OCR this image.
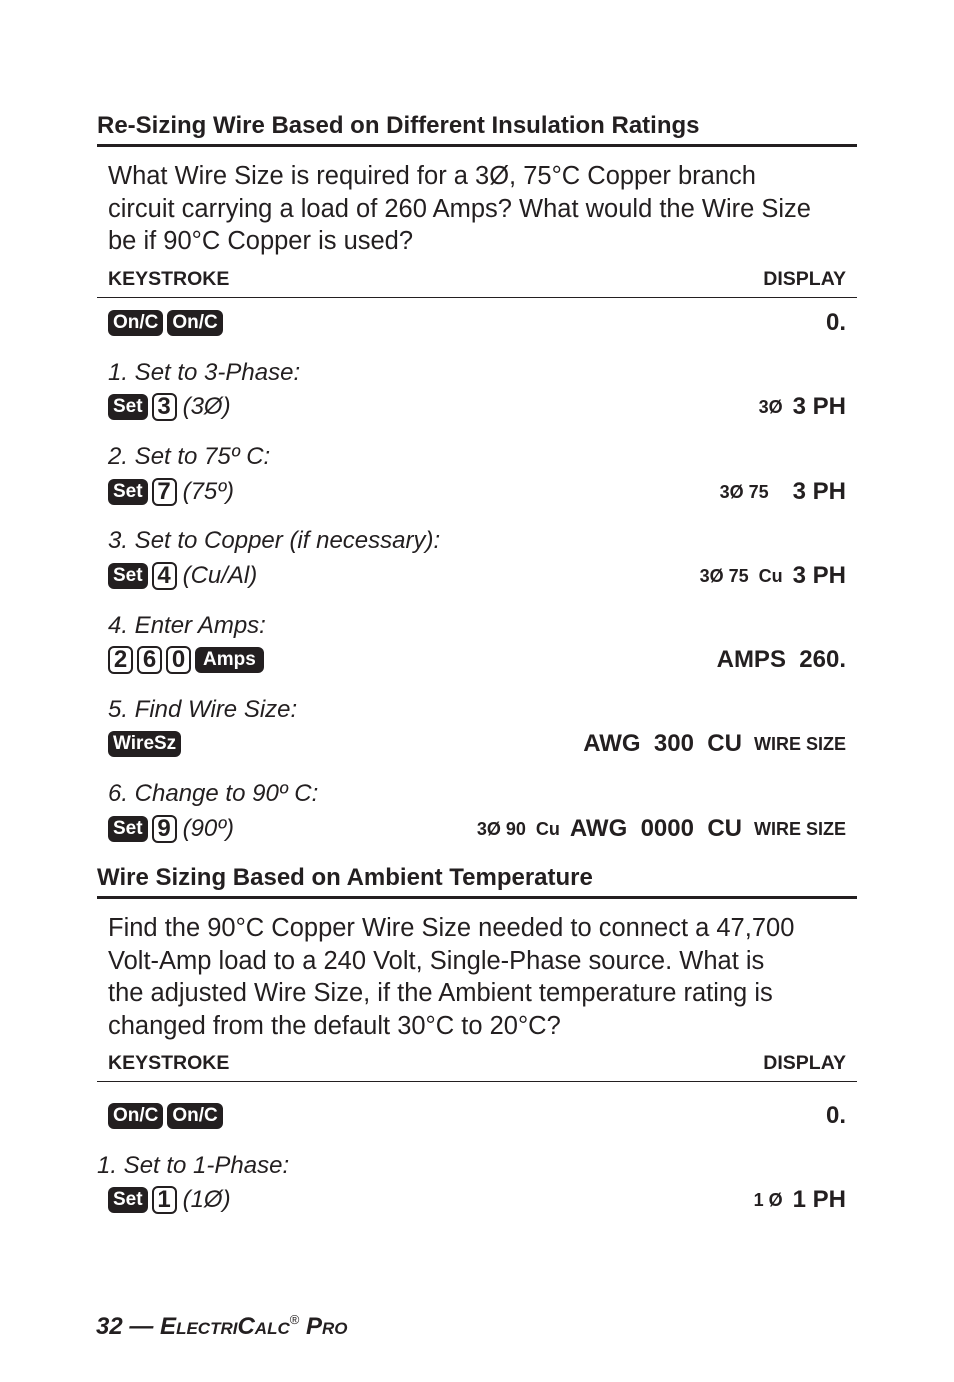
Re-Sizing Wire Based on Different Insulation Ratings
What Wire Size is required for a 3Ø, 75°C Copper branch
circuit carrying a load of 260 Amps? What would the Wire Size
be if 90°C Copper is used?
KEYSTROKE	DISPLAY
On/C On/C	0.
1. Set to 3-Phase:
Set 3 (3Ø)	3Ø 3 PH
2. Set to 75º C:
Set 7 (75º)	3Ø 75 3 PH
3. Set to Copper (if necessary):
Set 4 (Cu/Al)	3Ø 75  Cu 3 PH
4. Enter Amps:
2 6 0 Amps	AMPS  260.
5. Find Wire Size:
WireSz	AWG  300  CU WIRE SIZE
6. Change to 90º C:
Set 9 (90º)	3Ø 90  Cu AWG  0000  CU WIRE SIZE
Wire Sizing Based on Ambient Temperature
Find the 90°C Copper Wire Size needed to connect a 47,700
Volt-Amp load to a 240 Volt, Single-Phase source. What is
the adjusted Wire Size, if the Ambient temperature rating is
changed from the default 30°C to 20°C?
KEYSTROKE	DISPLAY
On/C On/C	0.
1. Set to 1-Phase:
Set 1 (1Ø)	1 Ø 1 PH
32 — ELECTRICALC® PRO
